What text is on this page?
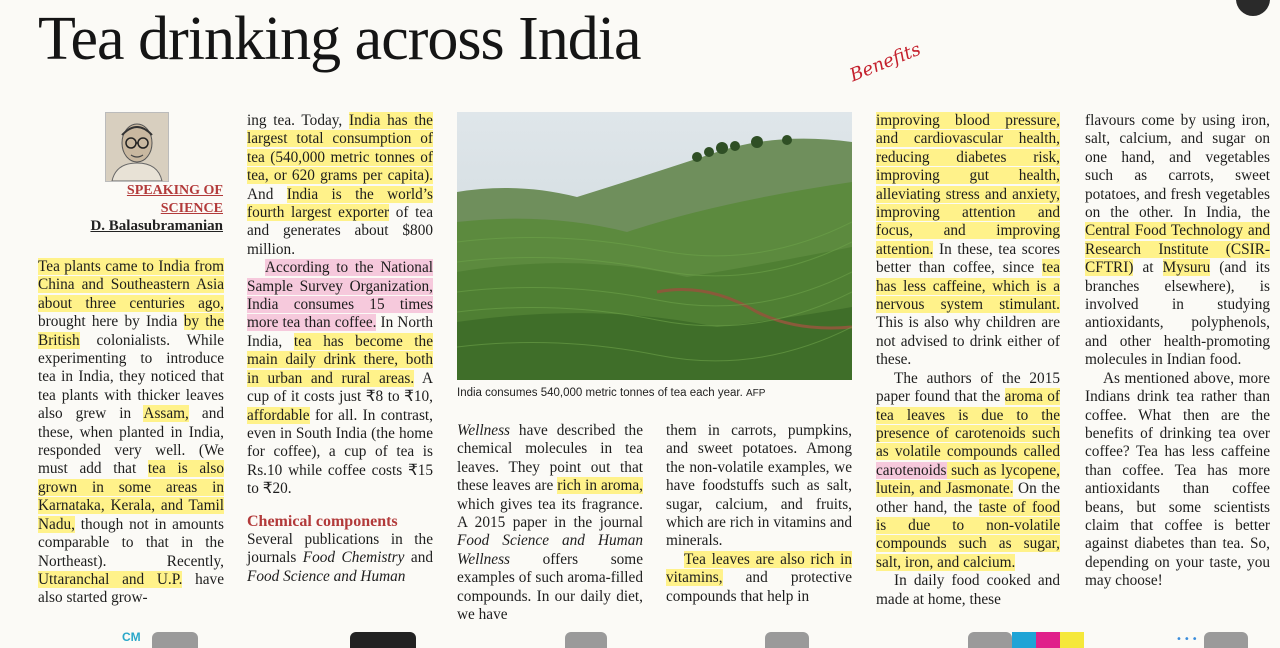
Tea drinking across India	Benefits
SPEAKING OF
SCIENCE
D. Balasubramanian

Tea plants came to India from China and Southeastern Asia about three centuries ago, brought here by India by the British colonialists. While experimenting to introduce tea in India, they noticed that tea plants with thicker leaves also grew in Assam, and these, when planted in India, responded very well. (We must add that tea is also grown in some areas in Karnataka, Kerala, and Tamil Nadu, though not in amounts comparable to that in the Northeast). Recently, Uttaranchal and U.P. have also started grow-

ing tea. Today, India has the largest total consumption of tea (540,000 metric tonnes of tea, or 620 grams per capita). And India is the world’s fourth largest exporter of tea and generates about $800 million.

According to the National Sample Survey Organization, India consumes 15 times more tea than coffee. In North India, tea has become the main daily drink there, both in urban and rural areas. A cup of it costs just ₹8 to ₹10, affordable for all. In contrast, even in South India (the home for coffee), a cup of tea is Rs.10 while coffee costs ₹15 to ₹20.

Chemical components

Several publications in the journals Food Chemistry and Food Science and Human

India consumes 540,000 metric tonnes of tea each year. AFP

Wellness have described the chemical molecules in tea leaves. They point out that these leaves are rich in aroma, which gives tea its fragrance. A 2015 paper in the journal Food Science and Human Wellness offers some examples of such aroma-filled compounds. In our daily diet, we have

them in carrots, pumpkins, and sweet potatoes. Among the non-volatile examples, we have foodstuffs such as salt, sugar, calcium, and fruits, which are rich in vitamins and minerals.

Tea leaves are also rich in vitamins, and protective compounds that help in

improving blood pressure, and cardiovascular health, reducing diabetes risk, improving gut health, alleviating stress and anxiety, improving attention and focus, and improving attention. In these, tea scores better than coffee, since tea has less caffeine, which is a nervous system stimulant. This is also why children are not advised to drink either of these.

The authors of the 2015 paper found that the aroma of tea leaves is due to the presence of carotenoids such as volatile compounds called carotenoids such as lycopene, lutein, and Jasmonate. On the other hand, the taste of food is due to non-volatile compounds such as sugar, salt, iron, and calcium.

In daily food cooked and made at home, these

flavours come by using iron, salt, calcium, and sugar on one hand, and vegetables such as carrots, sweet potatoes, and fresh vegetables on the other. In India, the Central Food Technology and Research Institute (CSIR-CFTRI) at Mysuru (and its branches elsewhere), is involved in studying antioxidants, polyphenols, and other health-promoting molecules in Indian food.

As mentioned above, more Indians drink tea rather than coffee. What then are the benefits of drinking tea over coffee? Tea has less caffeine than coffee. Tea has more antioxidants than coffee beans, but some scientists claim that coffee is better against diabetes than tea. So, depending on your taste, you may choose!

CM	•••
